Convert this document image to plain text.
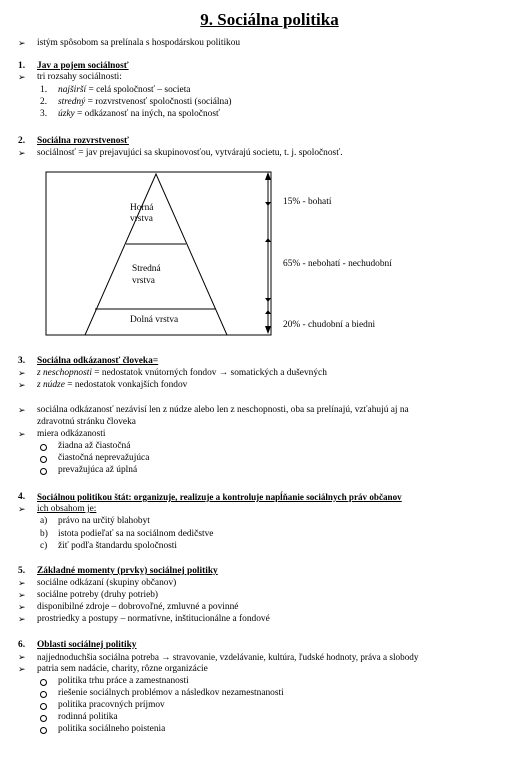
9. Sociálna politika
➢ istým spôsobom sa prelínala s hospodárskou politikou
1. Jav a pojem sociálnosť
➢ tri rozsahy sociálnosti:
1. najširší = celá spoločnosť – societa
2. stredný = rozvrstvenosť spoločnosti (sociálna)
3. úzky = odkázanosť na iných, na spoločnosť
2. Sociálna rozvrstvenosť
➢ sociálnosť = jav prejavujúci sa skupinovosťou, vytvárajú societu, t. j. spoločnosť.
Horná
vrstva
Stredná
vrstva
Dolná vrstva
15% - bohatí
65% - nebohatí - nechudobní
20% - chudobní a biedni
3. Sociálna odkázanosť človeka=
➢ z neschopnosti = nedostatok vnútorných fondov → somatických a duševných
➢ z núdze = nedostatok vonkajších fondov
➢ sociálna odkázanosť nezávisí len z núdze alebo len z neschopnosti, oba sa prelínajú, vzťahujú aj na
zdravotnú stránku človeka
➢ miera odkázanosti
žiadna až čiastočná
čiastočná neprevažujúca
prevažujúca až úplná
4. Sociálnou politikou štát: organizuje, realizuje a kontroluje napĺňanie sociálnych práv občanov
➢ ich obsahom je:
a) právo na určitý blahobyt
b) istota podieľať sa na sociálnom dedičstve
c) žiť podľa štandardu spoločnosti
5. Základné momenty (prvky) sociálnej politiky
➢ sociálne odkázaní (skupiny občanov)
➢ sociálne potreby (druhy potrieb)
➢ disponibilné zdroje – dobrovoľné, zmluvné a povinné
➢ prostriedky a postupy – normatívne, inštitucionálne a fondové
6. Oblasti sociálnej politiky
➢ najjednoduchšia sociálna potreba → stravovanie, vzdelávanie, kultúra, ľudské hodnoty, práva a slobody
➢ patria sem nadácie, charity, rôzne organizácie
politika trhu práce a zamestnanosti
riešenie sociálnych problémov a následkov nezamestnanosti
politika pracovných príjmov
rodinná politika
politika sociálneho poistenia
